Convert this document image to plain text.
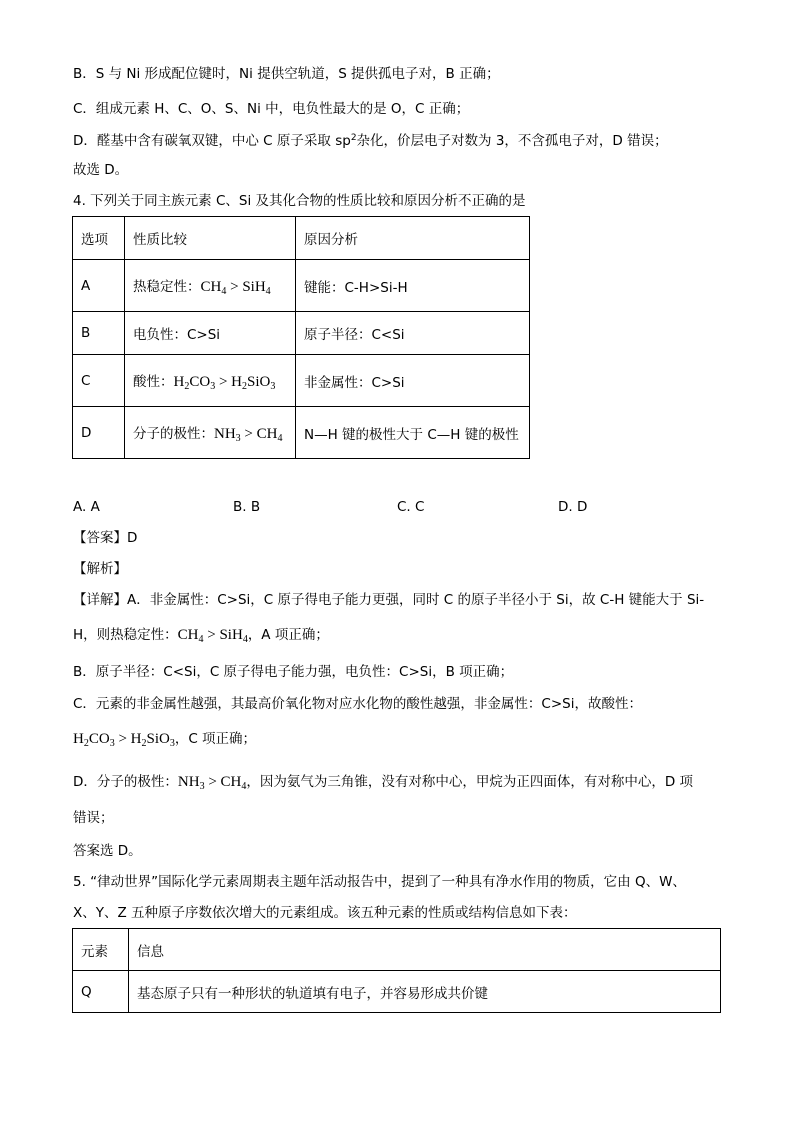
B．S 与 Ni 形成配位键时，Ni 提供空轨道，S 提供孤电子对，B 正确；
C．组成元素 H、C、O、S、Ni 中，电负性最大的是 O，C 正确；
D．醛基中含有碳氧双键，中心 C 原子采取 $sp^2$杂化，价层电子对数为 3，不含孤电子对，D 错误；
故选 D。
4. 下列关于同主族元素 C、Si 及其化合物的性质比较和原因分析不正确的是
选项	性质比较	原因分析
A	热稳定性：$CH_4 > SiH_4$	键能：C-H>Si-H
B	电负性：C>Si	原子半径：C<Si
C	酸性：$H_2CO_3 > H_2SiO_3$	非金属性：C>Si
D	分子的极性：$NH_3 > CH_4$	N—H 键的极性大于 C—H 键的极性
A. A	B. B	C. C	D. D
【答案】D
【解析】
【详解】A．非金属性：C>Si，C 原子得电子能力更强，同时 C 的原子半径小于 Si，故 C-H 键能大于 Si-
H，则热稳定性：$CH_4 > SiH_4$，A 项正确；
B．原子半径：C<Si，C 原子得电子能力强，电负性：C>Si，B 项正确；
C．元素的非金属性越强，其最高价氧化物对应水化物的酸性越强，非金属性：C>Si，故酸性：
$H_2CO_3 > H_2SiO_3$，C 项正确；
D．分子的极性：$NH_3 > CH_4$，因为氨气为三角锥，没有对称中心，甲烷为正四面体，有对称中心，D 项
错误；
答案选 D。
5. “律动世界”国际化学元素周期表主题年活动报告中，提到了一种具有净水作用的物质，它由 Q、W、
X、Y、Z 五种原子序数依次增大的元素组成。该五种元素的性质或结构信息如下表：
元素	信息
Q	基态原子只有一种形状的轨道填有电子，并容易形成共价键
